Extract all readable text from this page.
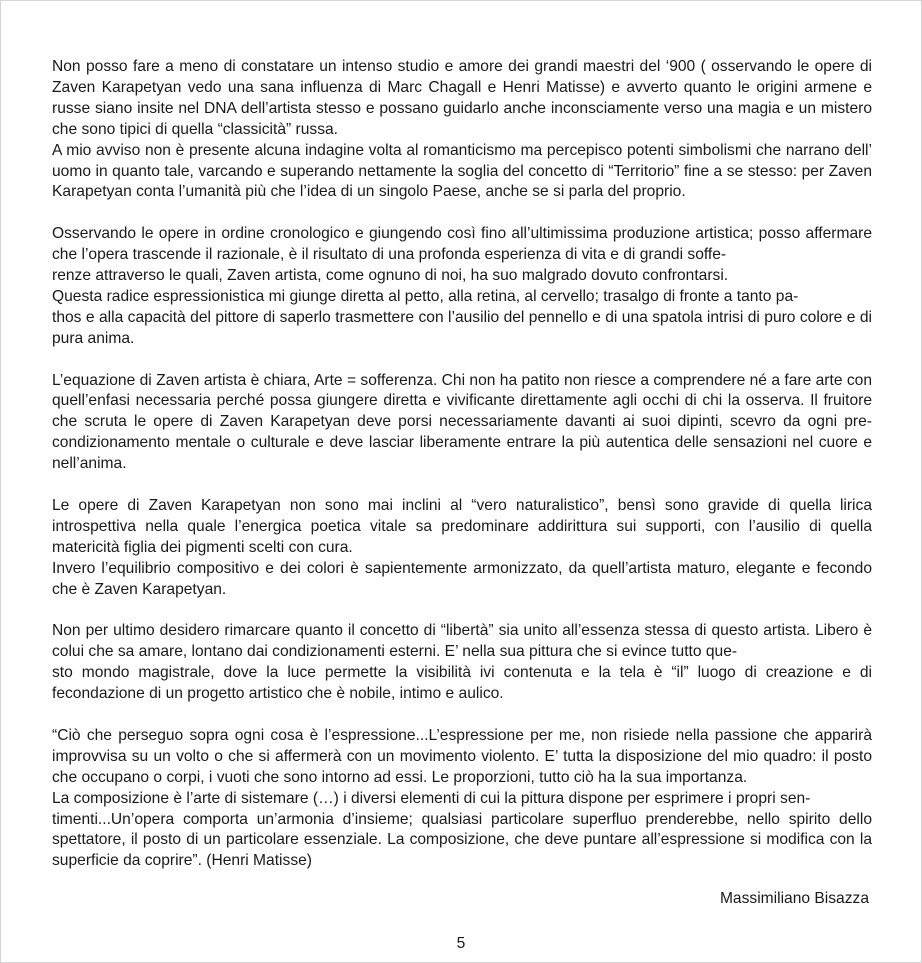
Non posso fare a meno di constatare un intenso studio e amore dei grandi maestri del ‘900 ( osservando le opere di Zaven Karapetyan vedo una sana influenza di Marc Chagall e Henri Matisse) e avverto quanto le origini armene e russe siano insite nel DNA dell’artista stesso e possano guidarlo anche inconsciamente verso una magia e un mistero che sono tipici di quella “classicità” russa.

A mio avviso non è presente alcuna indagine volta al romanticismo ma percepisco potenti simbolismi che narrano dell’ uomo in quanto tale, varcando e superando nettamente la soglia del concetto di “Territorio” fine a se stesso: per Zaven Karapetyan conta l’umanità più che l’idea di un singolo Paese, anche se si parla del proprio.

Osservando le opere in ordine cronologico e giungendo così fino all’ultimissima produzione artistica; posso affermare che l’opera trascende il razionale, è il risultato di una profonda esperienza di vita e di grandi soffe-
renze attraverso le quali, Zaven artista, come ognuno di noi, ha suo malgrado dovuto confrontarsi.

Questa radice espressionistica mi giunge diretta al petto, alla retina, al cervello; trasalgo di fronte a tanto pa-
thos e alla capacità del pittore di saperlo trasmettere con l’ausilio del pennello e di una spatola intrisi di puro colore e di pura anima.

L’equazione di Zaven artista è chiara, Arte = sofferenza. Chi non ha patito non riesce a comprendere né a fare arte con quell’enfasi necessaria perché possa giungere diretta e vivificante direttamente agli occhi di chi la osserva. Il fruitore che scruta le opere di Zaven Karapetyan deve porsi necessariamente davanti ai suoi dipinti, scevro da ogni pre-condizionamento mentale o culturale e deve lasciar liberamente entrare la più autentica delle sensazioni nel cuore e nell’anima.

Le opere di Zaven Karapetyan non sono mai inclini al “vero naturalistico”, bensì sono gravide di quella lirica introspettiva nella quale l’energica poetica vitale sa predominare addirittura sui supporti, con l’ausilio di quella matericità figlia dei pigmenti scelti con cura.

Invero l’equilibrio compositivo e dei colori è sapientemente armonizzato, da quell’artista maturo, elegante e fecondo che è Zaven Karapetyan.

Non per ultimo desidero rimarcare quanto il concetto di “libertà” sia unito all’essenza stessa di questo artista. Libero è colui che sa amare, lontano dai condizionamenti esterni. E’ nella sua pittura che si evince tutto que-
sto mondo magistrale, dove la luce permette la visibilità ivi contenuta e la tela è “il” luogo di creazione e di fecondazione di un progetto artistico che è nobile, intimo e aulico.

“Ciò che perseguo sopra ogni cosa è l’espressione...L’espressione per me, non risiede nella passione che apparirà improvvisa su un volto o che si affermerà con un movimento violento. E’ tutta la disposizione del mio quadro: il posto che occupano o corpi, i vuoti che sono intorno ad essi. Le proporzioni, tutto ciò ha la sua importanza.

La composizione è l’arte di sistemare (…) i diversi elementi di cui la pittura dispone per esprimere i propri sen-
timenti...Un’opera comporta un’armonia d’insieme; qualsiasi particolare superfluo prenderebbe, nello spirito dello spettatore, il posto di un particolare essenziale. La composizione, che deve puntare all’espressione si modifica con la superficie da coprire”. (Henri Matisse)

Massimiliano Bisazza
5
